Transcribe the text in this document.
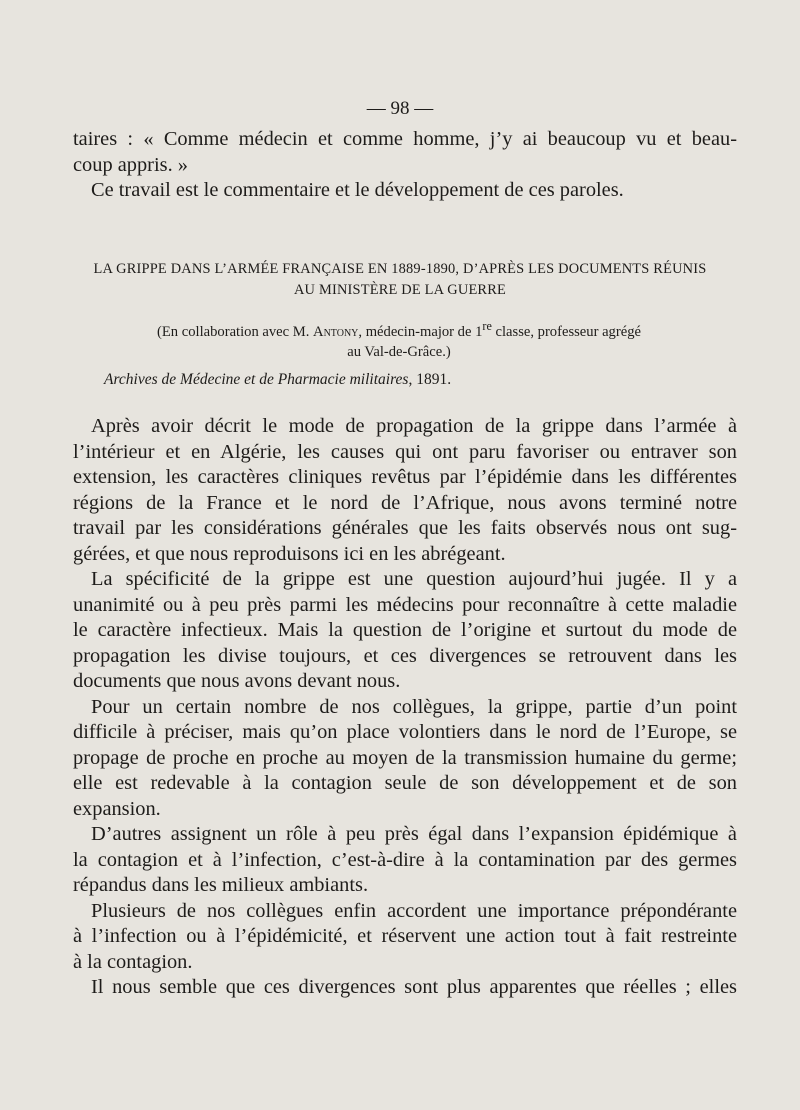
— 98 —
taires : « Comme médecin et comme homme, j’y ai beaucoup vu et beau-
coup appris. »
Ce travail est le commentaire et le développement de ces paroles.
LA GRIPPE DANS L’ARMÉE FRANÇAISE EN 1889-1890, D’APRÈS LES DOCUMENTS RÉUNIS
AU MINISTÈRE DE LA GUERRE
(En collaboration avec M. Antony, médecin-major de 1re classe, professeur agrégé
au Val-de-Grâce.)
Archives de Médecine et de Pharmacie militaires, 1891.
Après avoir décrit le mode de propagation de la grippe dans l’armée à
l’intérieur et en Algérie, les causes qui ont paru favoriser ou entraver son
extension, les caractères cliniques revêtus par l’épidémie dans les différentes
régions de la France et le nord de l’Afrique, nous avons terminé notre
travail par les considérations générales que les faits observés nous ont sug-
gérées, et que nous reproduisons ici en les abrégeant.
La spécificité de la grippe est une question aujourd’hui jugée. Il y a
unanimité ou à peu près parmi les médecins pour reconnaître à cette maladie
le caractère infectieux. Mais la question de l’origine et surtout du mode de
propagation les divise toujours, et ces divergences se retrouvent dans les
documents que nous avons devant nous.
Pour un certain nombre de nos collègues, la grippe, partie d’un point
difficile à préciser, mais qu’on place volontiers dans le nord de l’Europe, se
propage de proche en proche au moyen de la transmission humaine du germe;
elle est redevable à la contagion seule de son développement et de son
expansion.
D’autres assignent un rôle à peu près égal dans l’expansion épidémique à
la contagion et à l’infection, c’est-à-dire à la contamination par des germes
répandus dans les milieux ambiants.
Plusieurs de nos collègues enfin accordent une importance prépondérante
à l’infection ou à l’épidémicité, et réservent une action tout à fait restreinte
à la contagion.
Il nous semble que ces divergences sont plus apparentes que réelles ; elles
